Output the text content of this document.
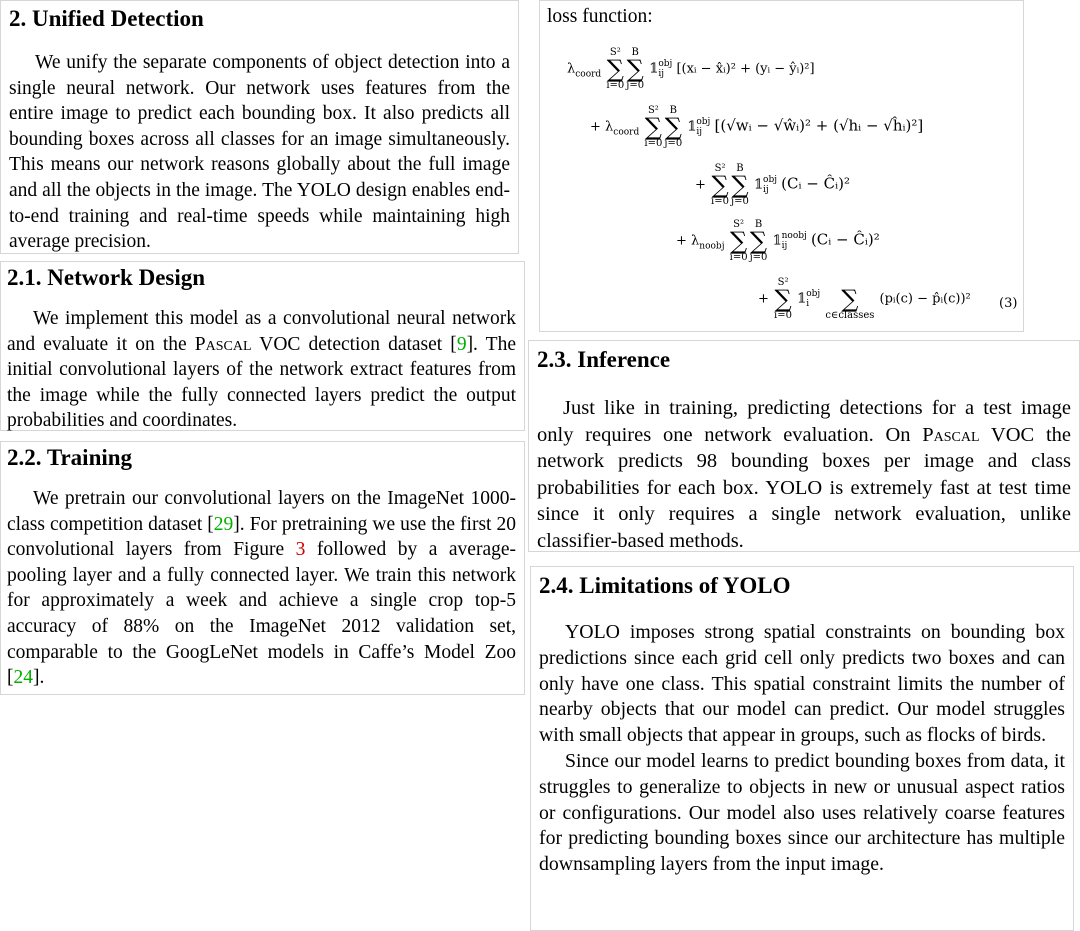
2. Unified Detection

We unify the separate components of object detection into a single neural network. Our network uses features from the entire image to predict each bounding box. It also predicts all bounding boxes across all classes for an image simultaneously. This means our network reasons globally about the full image and all the objects in the image. The YOLO design enables end-to-end training and real-time speeds while maintaining high average precision.

2.1. Network Design

We implement this model as a convolutional neural network and evaluate it on the Pascal VOC detection dataset [9]. The initial convolutional layers of the network extract features from the image while the fully connected layers predict the output probabilities and coordinates.

2.2. Training

We pretrain our convolutional layers on the ImageNet 1000-class competition dataset [29]. For pretraining we use the first 20 convolutional layers from Figure 3 followed by a average-pooling layer and a fully connected layer. We train this network for approximately a week and achieve a single crop top-5 accuracy of 88% on the ImageNet 2012 validation set, comparable to the GoogLeNet models in Caffe’s Model Zoo [24].

loss function:
$\lambda_{coord}$ S²
∑
i=0B
∑
j=0 𝟙obj
ij [(xᵢ − x̂ᵢ)² + (yᵢ − ŷᵢ)²]
+ $\lambda_{coord}$ S²
∑
i=0B
∑
j=0 𝟙obj
ij [(√wᵢ − √ŵᵢ)² + (√hᵢ − √ĥᵢ)²]
+ S²
∑
i=0B
∑
j=0 𝟙obj
ij (Cᵢ − Ĉᵢ)²
+ $\lambda_{noobj}$ S²
∑
i=0B
∑
j=0 𝟙noobj
ij (Cᵢ − Ĉᵢ)²
+ S²
∑
i=0 𝟙obj
i ∑
c∈classes (pᵢ(c) − p̂ᵢ(c))² (3)
2.3. Inference

Just like in training, predicting detections for a test image only requires one network evaluation. On Pascal VOC the network predicts 98 bounding boxes per image and class probabilities for each box. YOLO is extremely fast at test time since it only requires a single network evaluation, unlike classifier-based methods.

2.4. Limitations of YOLO

YOLO imposes strong spatial constraints on bounding box predictions since each grid cell only predicts two boxes and can only have one class. This spatial constraint limits the number of nearby objects that our model can predict. Our model struggles with small objects that appear in groups, such as flocks of birds.

Since our model learns to predict bounding boxes from data, it struggles to generalize to objects in new or unusual aspect ratios or configurations. Our model also uses relatively coarse features for predicting bounding boxes since our architecture has multiple downsampling layers from the input image.
